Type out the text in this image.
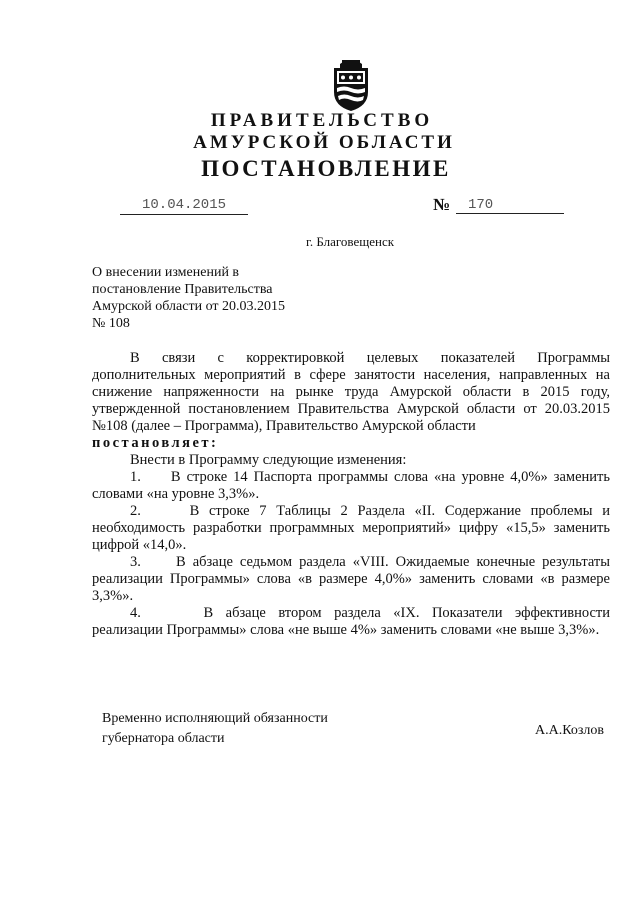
ПРАВИТЕЛЬСТВО
АМУРСКОЙ ОБЛАСТИ
ПОСТАНОВЛЕНИЕ
10.04.2015	№	170
г. Благовещенск
О внесении изменений в
постановление Правительства
Амурской области от 20.03.2015
№ 108
В связи с корректировкой целевых показателей Программы
дополнительных мероприятий в сфере занятости населения, направленных на снижение напряженности на рынке труда Амурской области в 2015 году, утвержденной постановлением Правительства Амурской области от 20.03.2015 №108 (далее – Программа), Правительство Амурской области
постановляет:
Внести в Программу следующие изменения:
1. В строке 14 Паспорта программы слова «на уровне 4,0%» заменить
словами «на уровне 3,3%».
2.	В строке 7 Таблицы 2 Раздела «II. Содержание проблемы и
необходимость разработки программных мероприятий» цифру «15,5» заменить цифрой «14,0».
3. В абзаце седьмом раздела «VIII. Ожидаемые конечные результаты
реализации Программы» слова «в размере 4,0%» заменить словами «в размере 3,3%».
4.	В абзаце втором раздела «IX. Показатели эффективности
реализации Программы» слова «не выше 4%» заменить словами «не выше 3,3%».
Временно исполняющий обязанности
губернатора области
А.А.Козлов
